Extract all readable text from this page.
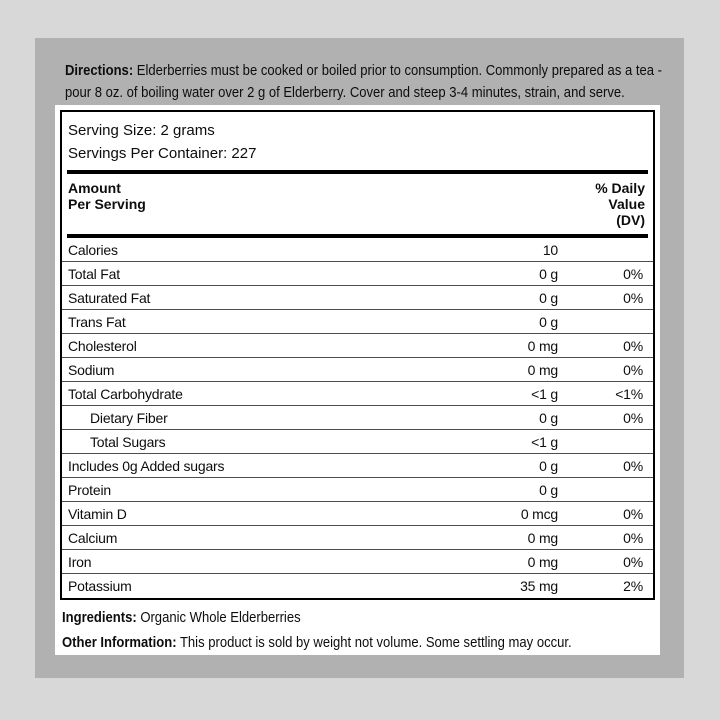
Directions: Elderberries must be cooked or boiled prior to consumption. Commonly prepared as a tea -
pour 8 oz. of boiling water over 2 g of Elderberry. Cover and steep 3-4 minutes, strain, and serve.
Serving Size: 2 grams
Servings Per Container: 227
Amount
Per Serving
% Daily
Value
(DV)
Calories	10
Total Fat	0 g	0%
Saturated Fat	0 g	0%
Trans Fat	0 g
Cholesterol	0 mg	0%
Sodium	0 mg	0%
Total Carbohydrate	<1 g	<1%
Dietary Fiber	0 g	0%
Total Sugars	<1 g
Includes 0g Added sugars	0 g	0%
Protein	0 g
Vitamin D	0 mcg	0%
Calcium	0 mg	0%
Iron	0 mg	0%
Potassium	35 mg	2%
Ingredients: Organic Whole Elderberries
Other Information: This product is sold by weight not volume. Some settling may occur.
